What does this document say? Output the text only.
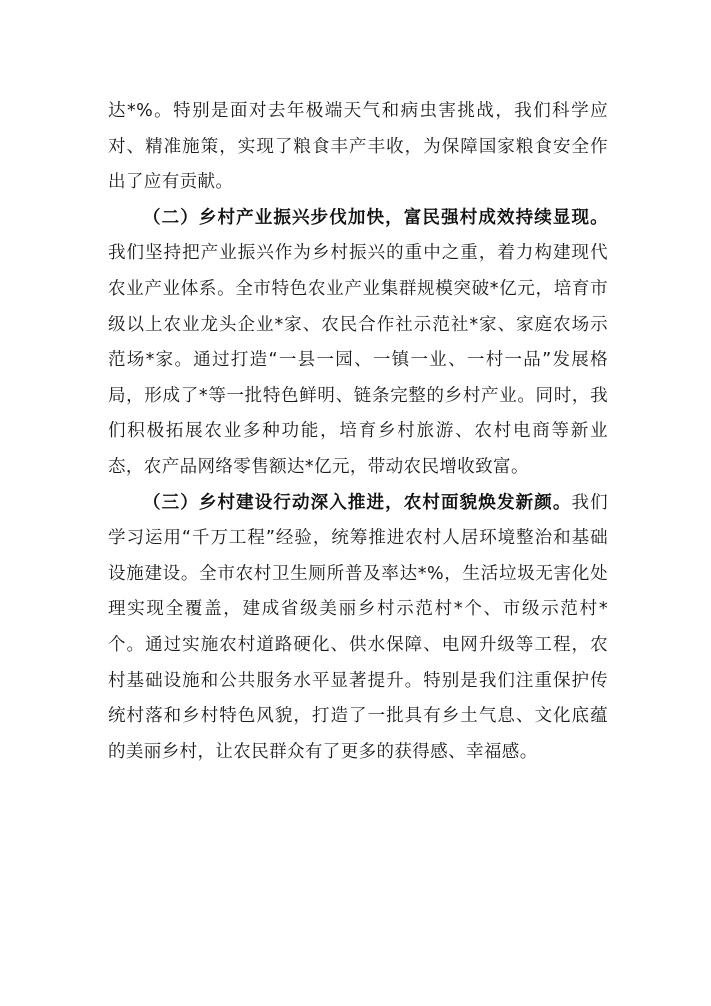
达*%。特别是面对去年极端天气和病虫害挑战，我们科学应对、精准施策，实现了粮食丰产丰收，为保障国家粮食安全作出了应有贡献。

（二）乡村产业振兴步伐加快，富民强村成效持续显现。我们坚持把产业振兴作为乡村振兴的重中之重，着力构建现代农业产业体系。全市特色农业产业集群规模突破*亿元，培育市级以上农业龙头企业*家、农民合作社示范社*家、家庭农场示范场*家。通过打造“一县一园、一镇一业、一村一品”发展格局，形成了*等一批特色鲜明、链条完整的乡村产业。同时，我们积极拓展农业多种功能，培育乡村旅游、农村电商等新业态，农产品网络零售额达*亿元，带动农民增收致富。

（三）乡村建设行动深入推进，农村面貌焕发新颜。我们学习运用“千万工程”经验，统筹推进农村人居环境整治和基础设施建设。全市农村卫生厕所普及率达*%，生活垃圾无害化处理实现全覆盖，建成省级美丽乡村示范村*个、市级示范村*个。通过实施农村道路硬化、供水保障、电网升级等工程，农村基础设施和公共服务水平显著提升。特别是我们注重保护传统村落和乡村特色风貌，打造了一批具有乡土气息、文化底蕴的美丽乡村，让农民群众有了更多的获得感、幸福感。
